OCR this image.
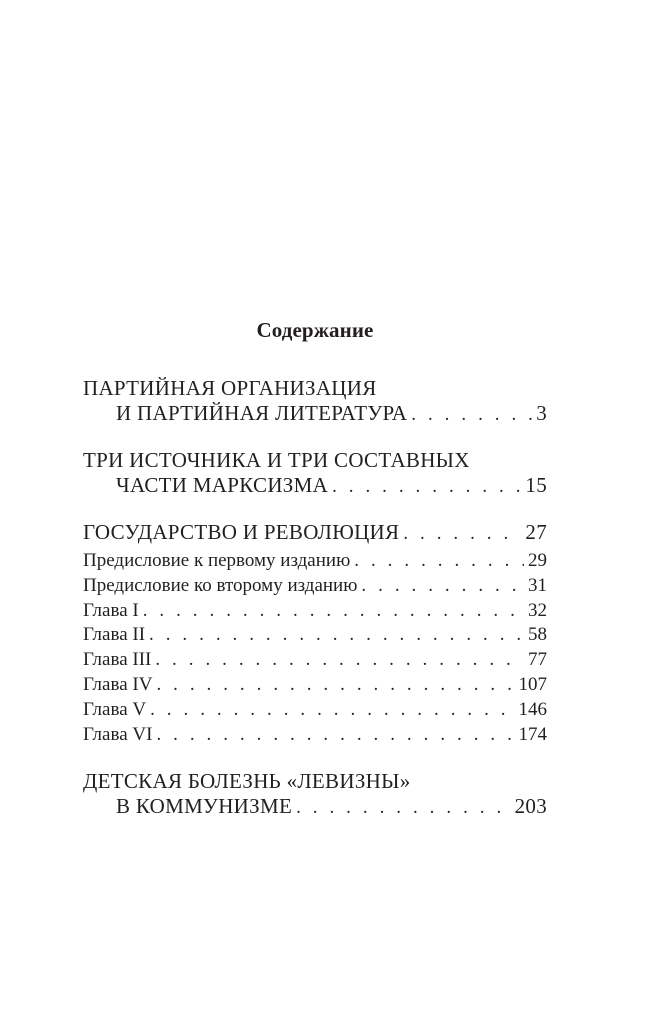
Содержание
ПАРТИЙНАЯ ОРГАНИЗАЦИЯ
И ПАРТИЙНАЯ ЛИТЕРАТУРА . . .	3
ТРИ ИСТОЧНИКА И ТРИ СОСТАВНЫХ
ЧАСТИ МАРКСИЗМА . . .	15
ГОСУДАРСТВО И РЕВОЛЮЦИЯ . . .	27
Предисловие к первому изданию . . .	29
Предисловие ко второму изданию . . .	31
Глава I . . .	32
Глава II . . .	58
Глава III . . .	77
Глава IV . . .	107
Глава V . . .	146
Глава VI . . .	174
ДЕТСКАЯ БОЛЕЗНЬ «ЛЕВИЗНЫ»
В КОММУНИЗМЕ . . .	203
